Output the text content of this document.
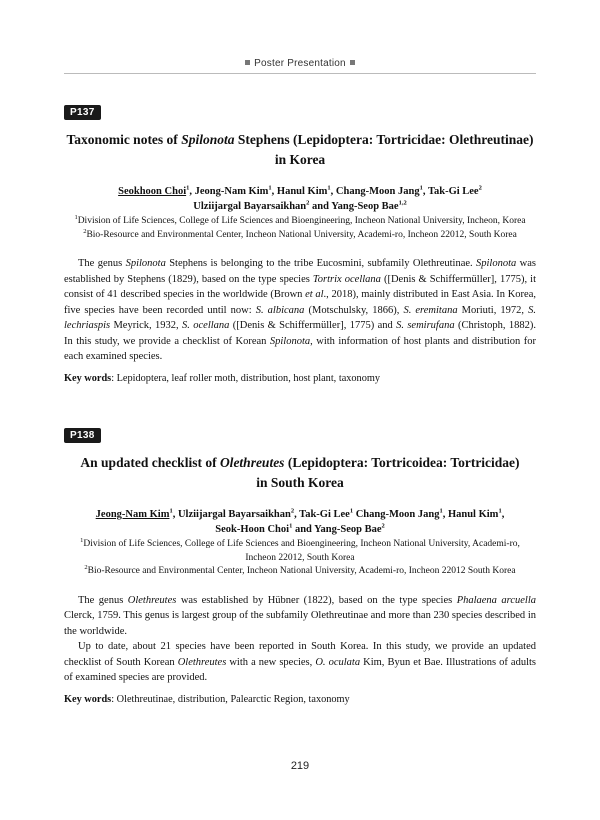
Poster Presentation
P137
Taxonomic notes of Spilonota Stephens (Lepidoptera: Tortricidae: Olethreutinae)
in Korea
Seokhoon Choi$^1$, Jeong-Nam Kim$^1$, Hanul Kim$^1$, Chang-Moon Jang$^1$, Tak-Gi Lee$^2$
Ulziijargal Bayarsaikhan$^2$ and Yang-Seop Bae$^{1,2}$
$^1$Division of Life Sciences, College of Life Sciences and Bioengineering, Incheon National University, Incheon, Korea
$^2$Bio-Resource and Environmental Center, Incheon National University, Academi-ro, Incheon 22012, South Korea

The genus Spilonota Stephens is belonging to the tribe Eucosmini, subfamily Olethreutinae. Spilonota was established by Stephens (1829), based on the type species Tortrix ocellana ([Denis & Schiffermüller], 1775), it consist of 41 described species in the worldwide (Brown et al., 2018), mainly distributed in East Asia. In Korea, five species have been recorded until now: S. albicana (Motschulsky, 1866), S. eremitana Moriuti, 1972, S. lechriaspis Meyrick, 1932, S. ocellana ([Denis & Schiffermüller], 1775) and S. semirufana (Christoph, 1882). In this study, we provide a checklist of Korean Spilonota, with information of host plants and distribution for each examined species.

Key words: Lepidoptera, leaf roller moth, distribution, host plant, taxonomy
P138
An updated checklist of Olethreutes (Lepidoptera: Tortricoidea: Tortricidae)
in South Korea
Jeong-Nam Kim$^1$, Ulziijargal Bayarsaikhan$^2$, Tak-Gi Lee$^1$ Chang-Moon Jang$^1$, Hanul Kim$^1$,
Seok-Hoon Choi$^1$ and Yang-Seop Bae$^2$
$^1$Division of Life Sciences, College of Life Sciences and Bioengineering, Incheon National University, Academi-ro, Incheon 22012, South Korea
$^2$Bio-Resource and Environmental Center, Incheon National University, Academi-ro, Incheon 22012 South Korea

The genus Olethreutes was established by Hübner (1822), based on the type species Phalaena arcuella Clerck, 1759. This genus is largest group of the subfamily Olethreutinae and more than 230 species described in the worldwide.

Up to date, about 21 species have been reported in South Korea. In this study, we provide an updated checklist of South Korean Olethreutes with a new species, O. oculata Kim, Byun et Bae. Illustrations of adults of examined species are provided.

Key words: Olethreutinae, distribution, Palearctic Region, taxonomy
219
